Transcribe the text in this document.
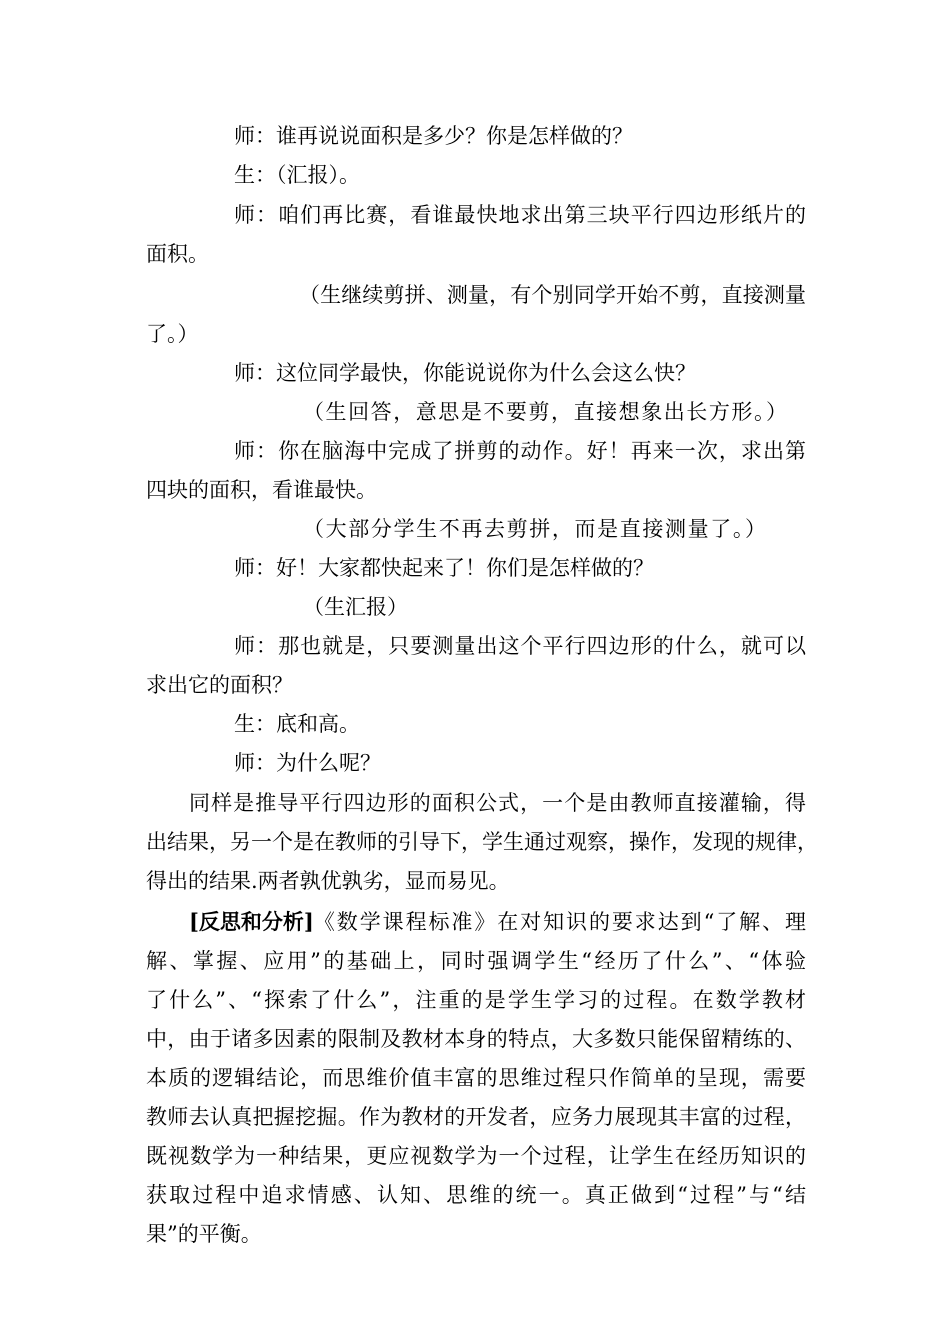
师：谁再说说面积是多少？你是怎样做的？
生：（汇报）。
师：咱们再比赛，看谁最快地求出第三块平行四边形纸片的
面积。
（生继续剪拼、测量，有个别同学开始不剪，直接测量
了。）
师：这位同学最快，你能说说你为什么会这么快？
（生回答，意思是不要剪，直接想象出长方形。）
师：你在脑海中完成了拼剪的动作。好！再来一次，求出第
四块的面积，看谁最快。
（大部分学生不再去剪拼，而是直接测量了。）
师：好！大家都快起来了！你们是怎样做的？
（生汇报）
师：那也就是，只要测量出这个平行四边形的什么，就可以
求出它的面积？
生：底和高。
师：为什么呢？
同样是推导平行四边形的面积公式，一个是由教师直接灌输，得
出结果，另一个是在教师的引导下，学生通过观察，操作，发现的规律，
得出的结果.两者孰优孰劣，显而易见。
[反思和分析] 《数学课程标准》在对知识的要求达到“了解、理
解、掌握、应用”的基础上，同时强调学生“经历了什么”、“体验
了什么”、“探索了什么”，注重的是学生学习的过程。在数学教材
中，由于诸多因素的限制及教材本身的特点，大多数只能保留精练的、
本质的逻辑结论，而思维价值丰富的思维过程只作简单的呈现，需要
教师去认真把握挖掘。作为教材的开发者，应务力展现其丰富的过程，
既视数学为一种结果，更应视数学为一个过程，让学生在经历知识的
获取过程中追求情感、认知、思维的统一。真正做到“过程”与“结
果”的平衡。
